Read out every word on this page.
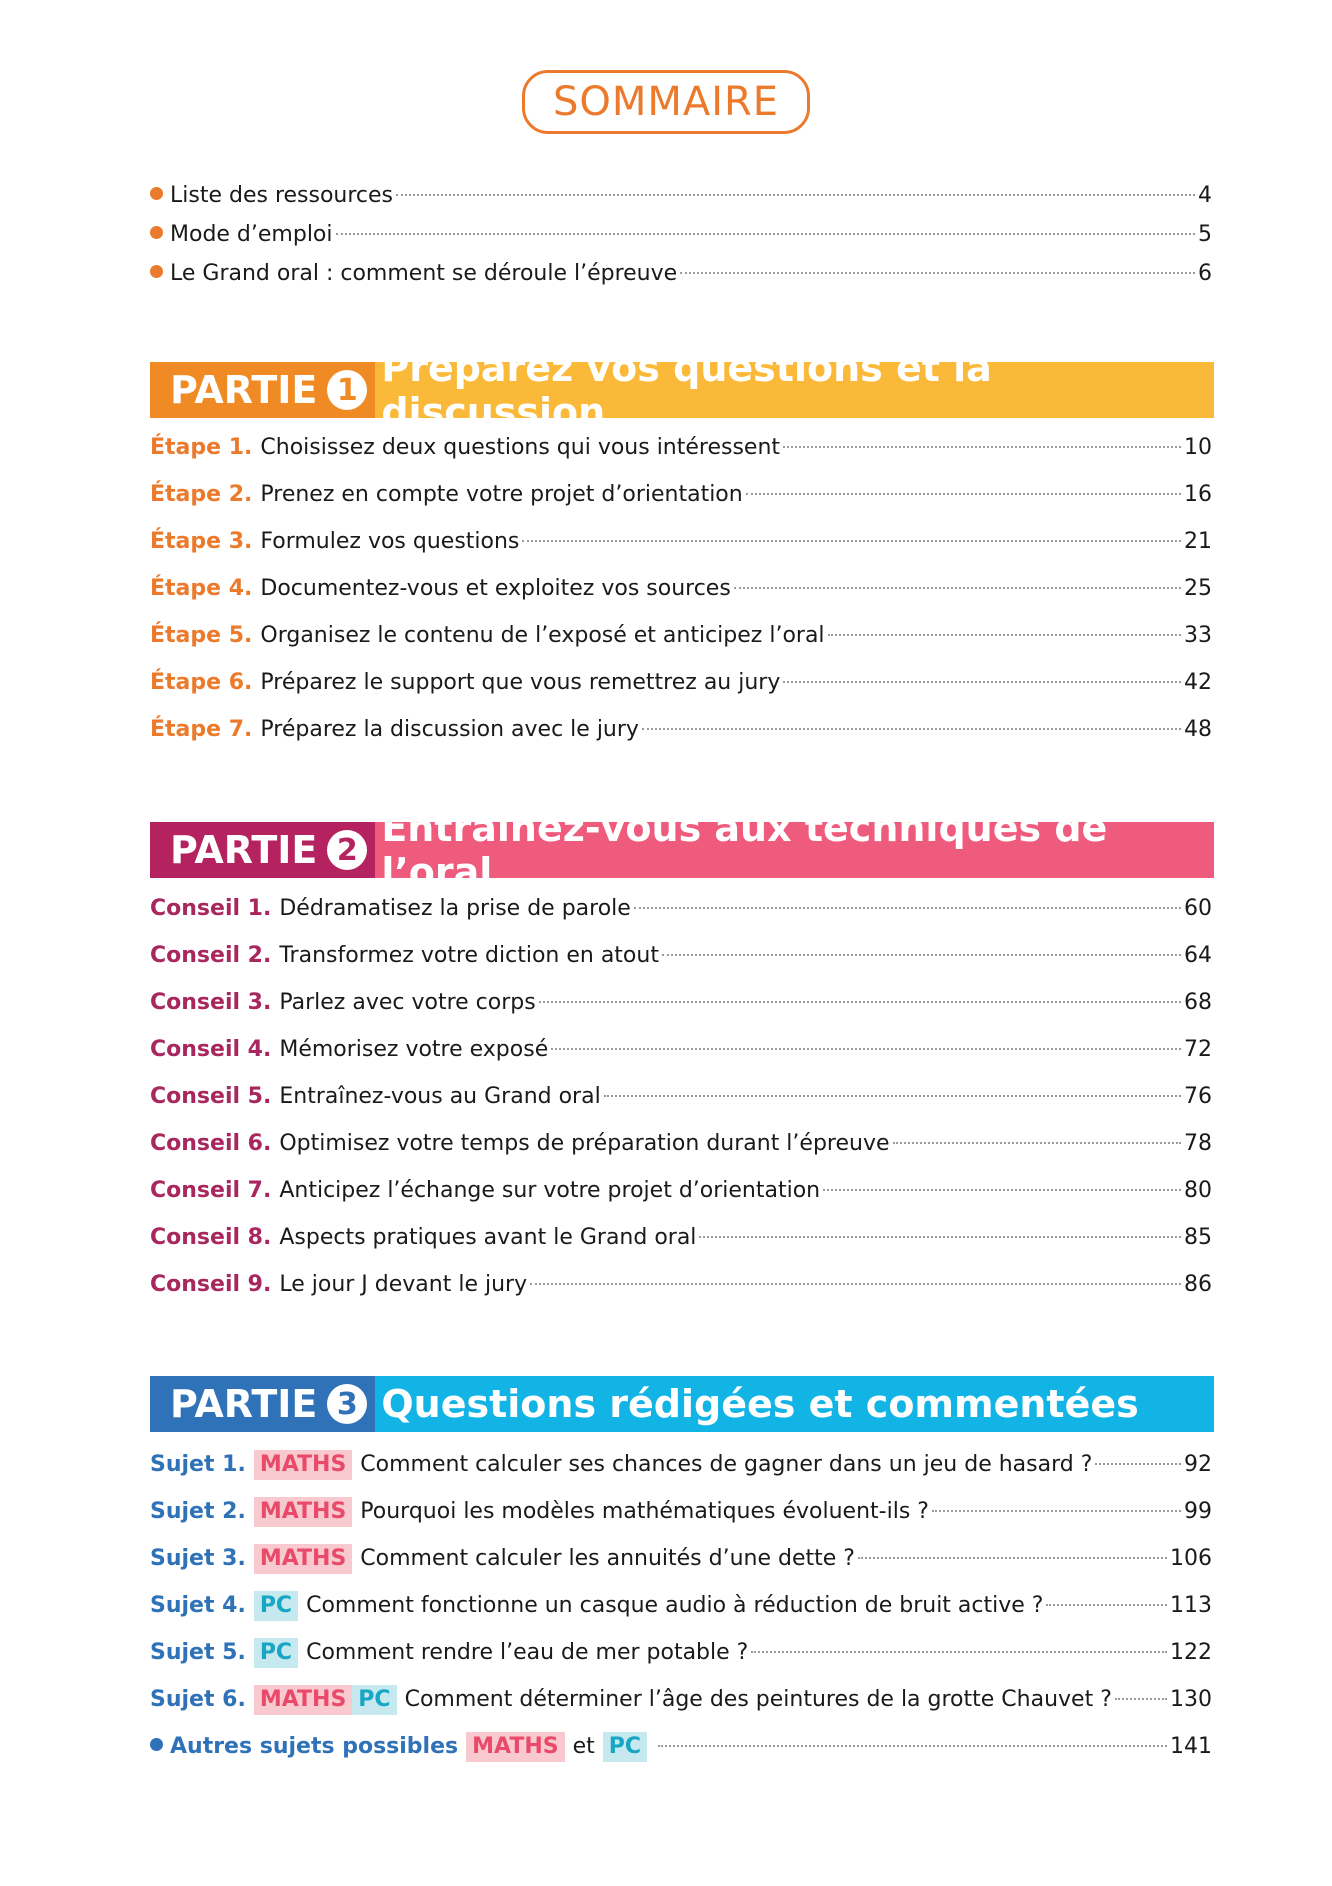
SOMMAIRE
Liste des ressources	4
Mode d’emploi	5
Le Grand oral : comment se déroule l’épreuve	6
PARTIE 1 Préparez vos questions et la discussion
Étape 1. Choisissez deux questions qui vous intéressent	10
Étape 2. Prenez en compte votre projet d’orientation	16
Étape 3. Formulez vos questions	21
Étape 4. Documentez-vous et exploitez vos sources	25
Étape 5. Organisez le contenu de l’exposé et anticipez l’oral	33
Étape 6. Préparez le support que vous remettrez au jury	42
Étape 7. Préparez la discussion avec le jury	48
PARTIE 2 Entraînez-vous aux techniques de l’oral
Conseil 1. Dédramatisez la prise de parole	60
Conseil 2. Transformez votre diction en atout	64
Conseil 3. Parlez avec votre corps	68
Conseil 4. Mémorisez votre exposé	72
Conseil 5. Entraînez-vous au Grand oral	76
Conseil 6. Optimisez votre temps de préparation durant l’épreuve	78
Conseil 7. Anticipez l’échange sur votre projet d’orientation	80
Conseil 8. Aspects pratiques avant le Grand oral	85
Conseil 9. Le jour J devant le jury	86
PARTIE 3 Questions rédigées et commentées
Sujet 1. MATHS Comment calculer ses chances de gagner dans un jeu de hasard ?	92
Sujet 2. MATHS Pourquoi les modèles mathématiques évoluent-ils ?	99
Sujet 3. MATHS Comment calculer les annuités d’une dette ?	106
Sujet 4. PC Comment fonctionne un casque audio à réduction de bruit active ?	113
Sujet 5. PC Comment rendre l’eau de mer potable ?	122
Sujet 6. MATHS PC Comment déterminer l’âge des peintures de la grotte Chauvet ?	130
Autres sujets possibles MATHS et PC	141
